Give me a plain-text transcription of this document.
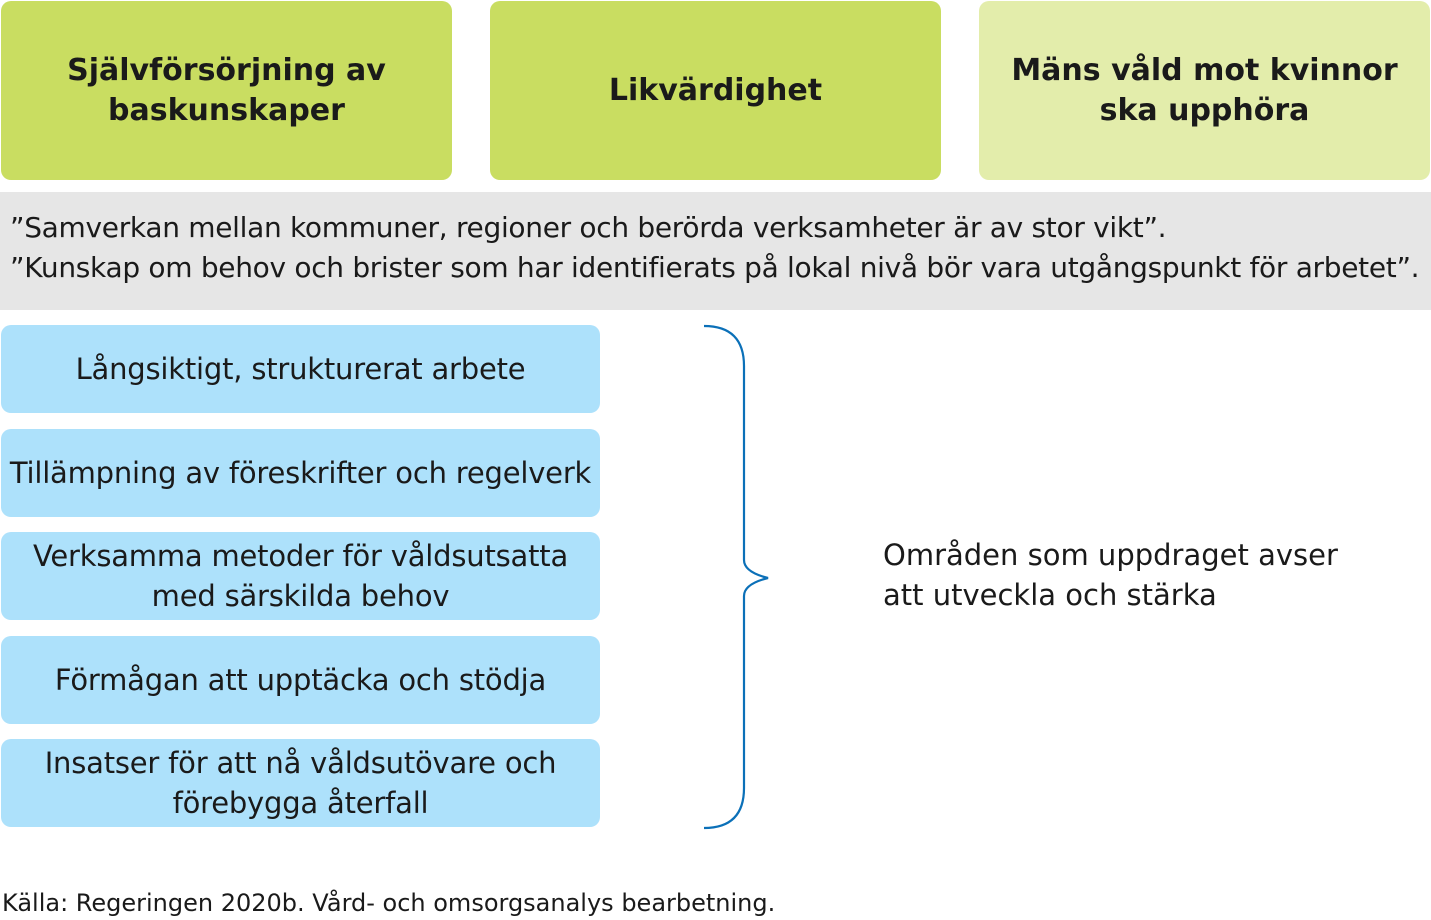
Självförsörjning av baskunskaper
Likvärdighet
Mäns våld mot kvinnor ska upphöra
”Samverkan mellan kommuner, regioner och berörda verksamheter är av stor vikt”.
”Kunskap om behov och brister som har identifierats på lokal nivå bör vara utgångspunkt för arbetet”.
Långsiktigt, strukturerat arbete
Tillämpning av föreskrifter och regelverk
Verksamma metoder för våldsutsatta med särskilda behov
Förmågan att upptäcka och stödja
Insatser för att nå våldsutövare och förebygga återfall
Områden som uppdraget avser att utveckla och stärka
Källa: Regeringen 2020b. Vård- och omsorgsanalys bearbetning.
